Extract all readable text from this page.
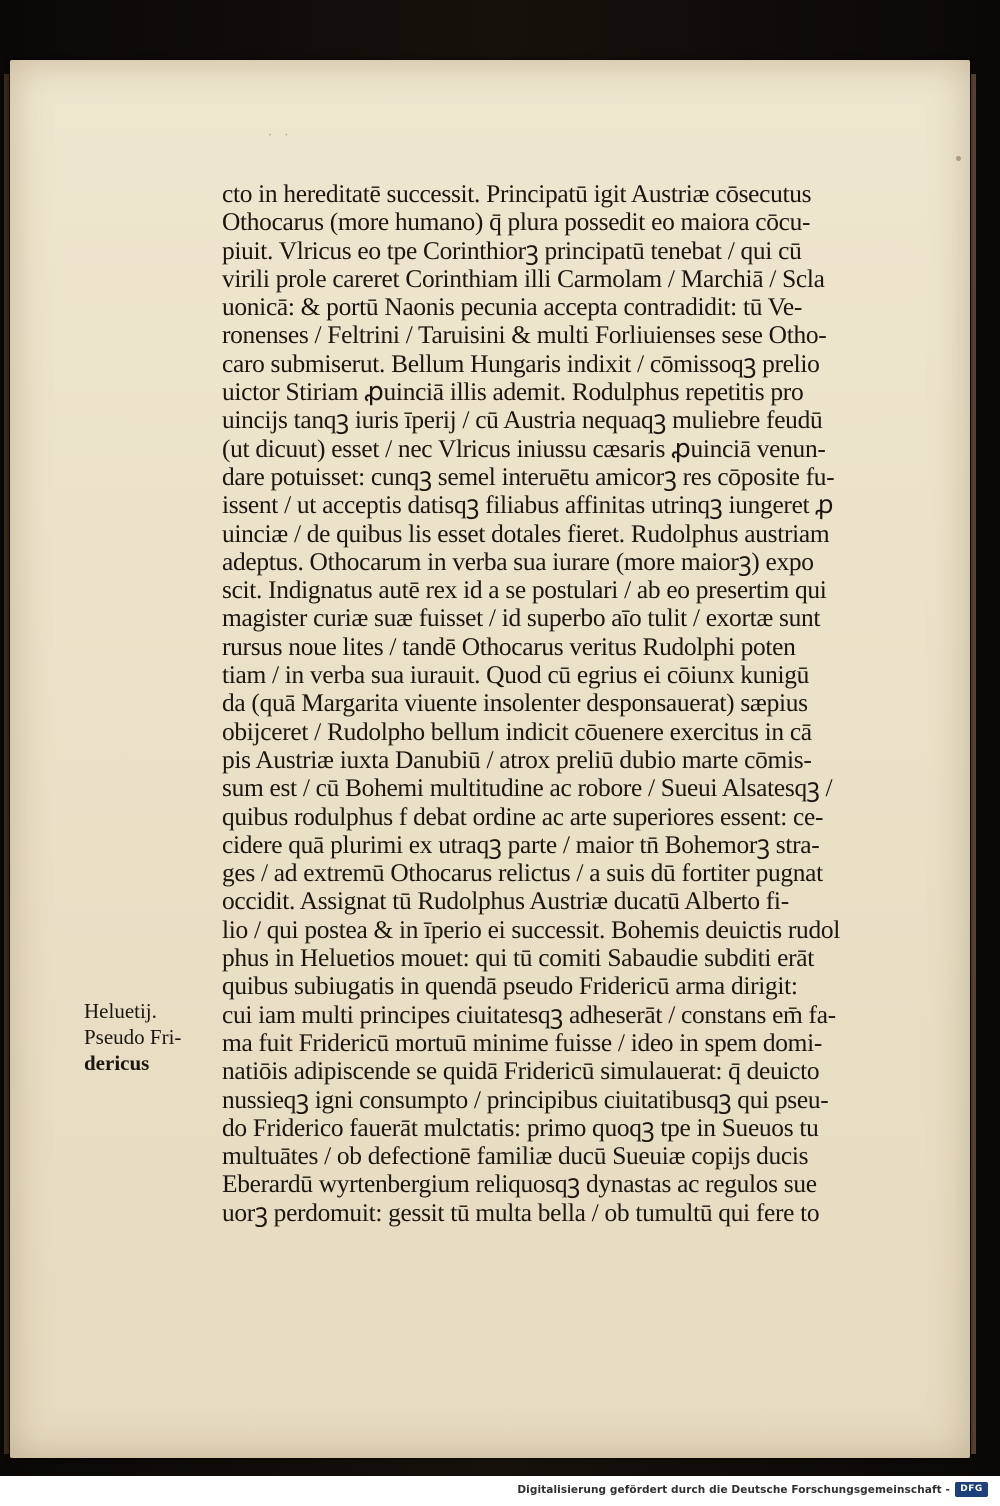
· ·
cto in hereditatē successit. Principatū igit Austriæ cōsecutus
Othocarus (more humano) q̄ plura possedit eo maiora cōcu-
piuit. Vlricus eo tpe Corinthiorꝫ principatū tenebat / qui cū
virili prole careret Corinthiam illi Carmolam / Marchiā / Scla
uonicā: & portū Naonis pecunia accepta contradidit: tū Ve-
ronenses / Feltrini / Taruisini & multi Forliuienses sese Otho-
caro submiserut. Bellum Hungaris indixit / cōmissoqꝫ prelio
uictor Stiriam ꝓuinciā illis ademit. Rodulphus repetitis pro
uincijs tanqꝫ iuris īperij / cū Austria nequaqꝫ muliebre feudū
(ut dicuut) esset / nec Vlricus iniussu cæsaris ꝓuinciā venun-
dare potuisset: cunqꝫ semel interuētu amicorꝫ res cōposite fu-
issent / ut acceptis datisqꝫ filiabus affinitas utrinqꝫ iungeret ꝓ
uinciæ / de quibus lis esset dotales fieret. Rudolphus austriam
adeptus. Othocarum in verba sua iurare (more maiorꝫ) expo
scit. Indignatus autē rex id a se postulari / ab eo presertim qui
magister curiæ suæ fuisset / id superbo aīo tulit / exortæ sunt
rursus noue lites / tandē Othocarus veritus Rudolphi poten
tiam / in verba sua iurauit. Quod cū egrius ei cōiunx kunigū
da (quā Margarita viuente insolenter desponsauerat) sæpius
obijceret / Rudolpho bellum indicit cōuenere exercitus in cā
pis Austriæ iuxta Danubiū / atrox preliū dubio marte cōmis-
sum est / cū Bohemi multitudine ac robore / Sueui Alsatesqꝫ /
quibus rodulphus f debat ordine ac arte superiores essent: ce-
cidere quā plurimi ex utraqꝫ parte / maior tn̄ Bohemorꝫ stra-
ges / ad extremū Othocarus relictus / a suis dū fortiter pugnat
occidit. Assignat tū Rudolphus Austriæ ducatū Alberto fi-
lio / qui postea & in īperio ei successit. Bohemis deuictis rudol
phus in Heluetios mouet: qui tū comiti Sabaudie subditi erāt
quibus subiugatis in quendā pseudo Fridericū arma dirigit:
cui iam multi principes ciuitatesqꝫ adheserāt / constans em̄ fa-
ma fuit Fridericū mortuū minime fuisse / ideo in spem domi-
natiōis adipiscende se quidā Fridericū simulauerat: q̄ deuicto
nussieqꝫ igni consumpto / principibus ciuitatibusqꝫ qui pseu-
do Friderico fauerāt mulctatis: primo quoqꝫ tpe in Sueuos tu
multuātes / ob defectionē familiæ ducū Sueuiæ copijs ducis
Eberardū wyrtenbergium reliquosqꝫ dynastas ac regulos sue
uorꝫ perdomuit: gessit tū multa bella / ob tumultū qui fere to
Heluetij.
Pseudo Fri-
dericus
Digitalisierung gefördert durch die Deutsche Forschungsgemeinschaft -	DFG
